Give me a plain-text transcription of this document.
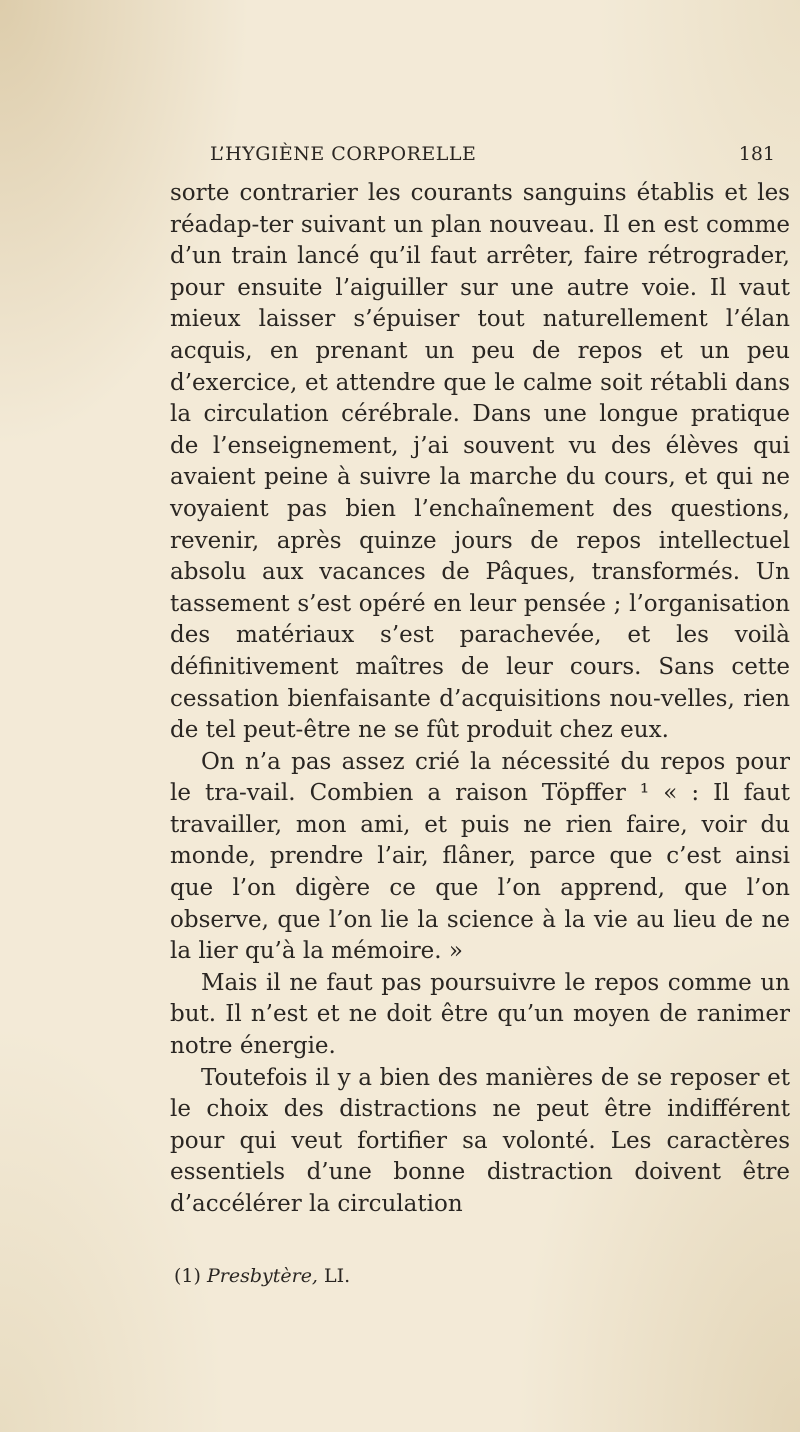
L’HYGIÈNE CORPORELLE	181

sorte contrarier les courants sanguins établis et les réadap-ter suivant un plan nouveau. Il en est comme d’un train lancé qu’il faut arrêter, faire rétrograder, pour ensuite l’aiguiller sur une autre voie. Il vaut mieux laisser s’épuiser tout naturellement l’élan acquis, en prenant un peu de repos et un peu d’exercice, et attendre que le calme soit rétabli dans la circulation cérébrale. Dans une longue pratique de l’enseignement, j’ai souvent vu des élèves qui avaient peine à suivre la marche du cours, et qui ne voyaient pas bien l’enchaînement des questions, revenir, après quinze jours de repos intellectuel absolu aux vacances de Pâques, transformés. Un tassement s’est opéré en leur pensée ; l’organisation des matériaux s’est parachevée, et les voilà définitivement maîtres de leur cours. Sans cette cessation bienfaisante d’acquisitions nou-velles, rien de tel peut-être ne se fût produit chez eux.

On n’a pas assez crié la nécessité du repos pour le tra-vail. Combien a raison Töpffer ¹ « : Il faut travailler, mon ami, et puis ne rien faire, voir du monde, prendre l’air, flâner, parce que c’est ainsi que l’on digère ce que l’on apprend, que l’on observe, que l’on lie la science à la vie au lieu de ne la lier qu’à la mémoire. »

Mais il ne faut pas poursuivre le repos comme un but. Il n’est et ne doit être qu’un moyen de ranimer notre énergie.

Toutefois il y a bien des manières de se reposer et le choix des distractions ne peut être indifférent pour qui veut fortifier sa volonté. Les caractères essentiels d’une bonne distraction doivent être d’accélérer la circulation

(1) Presbytère, LI.
